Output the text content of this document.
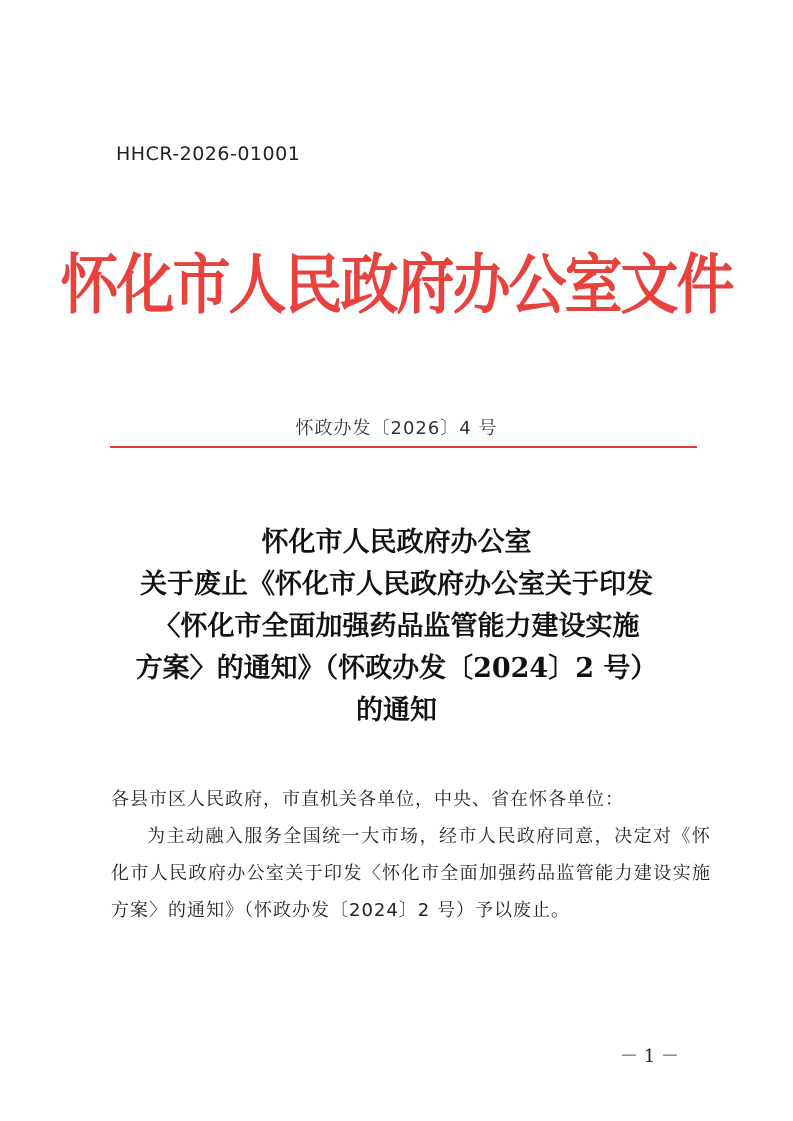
HHCR-2026-01001
怀化市人民政府办公室文件
怀政办发〔2026〕4 号
怀化市人民政府办公室
关于废止《怀化市人民政府办公室关于印发
〈怀化市全面加强药品监管能力建设实施
方案〉的通知》（怀政办发〔2024〕2 号）
的通知
各县市区人民政府，市直机关各单位，中央、省在怀各单位：
为主动融入服务全国统一大市场，经市人民政府同意，决定对《怀化市人民政府办公室关于印发〈怀化市全面加强药品监管能力建设实施方案〉的通知》（怀政办发〔2024〕2 号）予以废止。
－ 1 －
